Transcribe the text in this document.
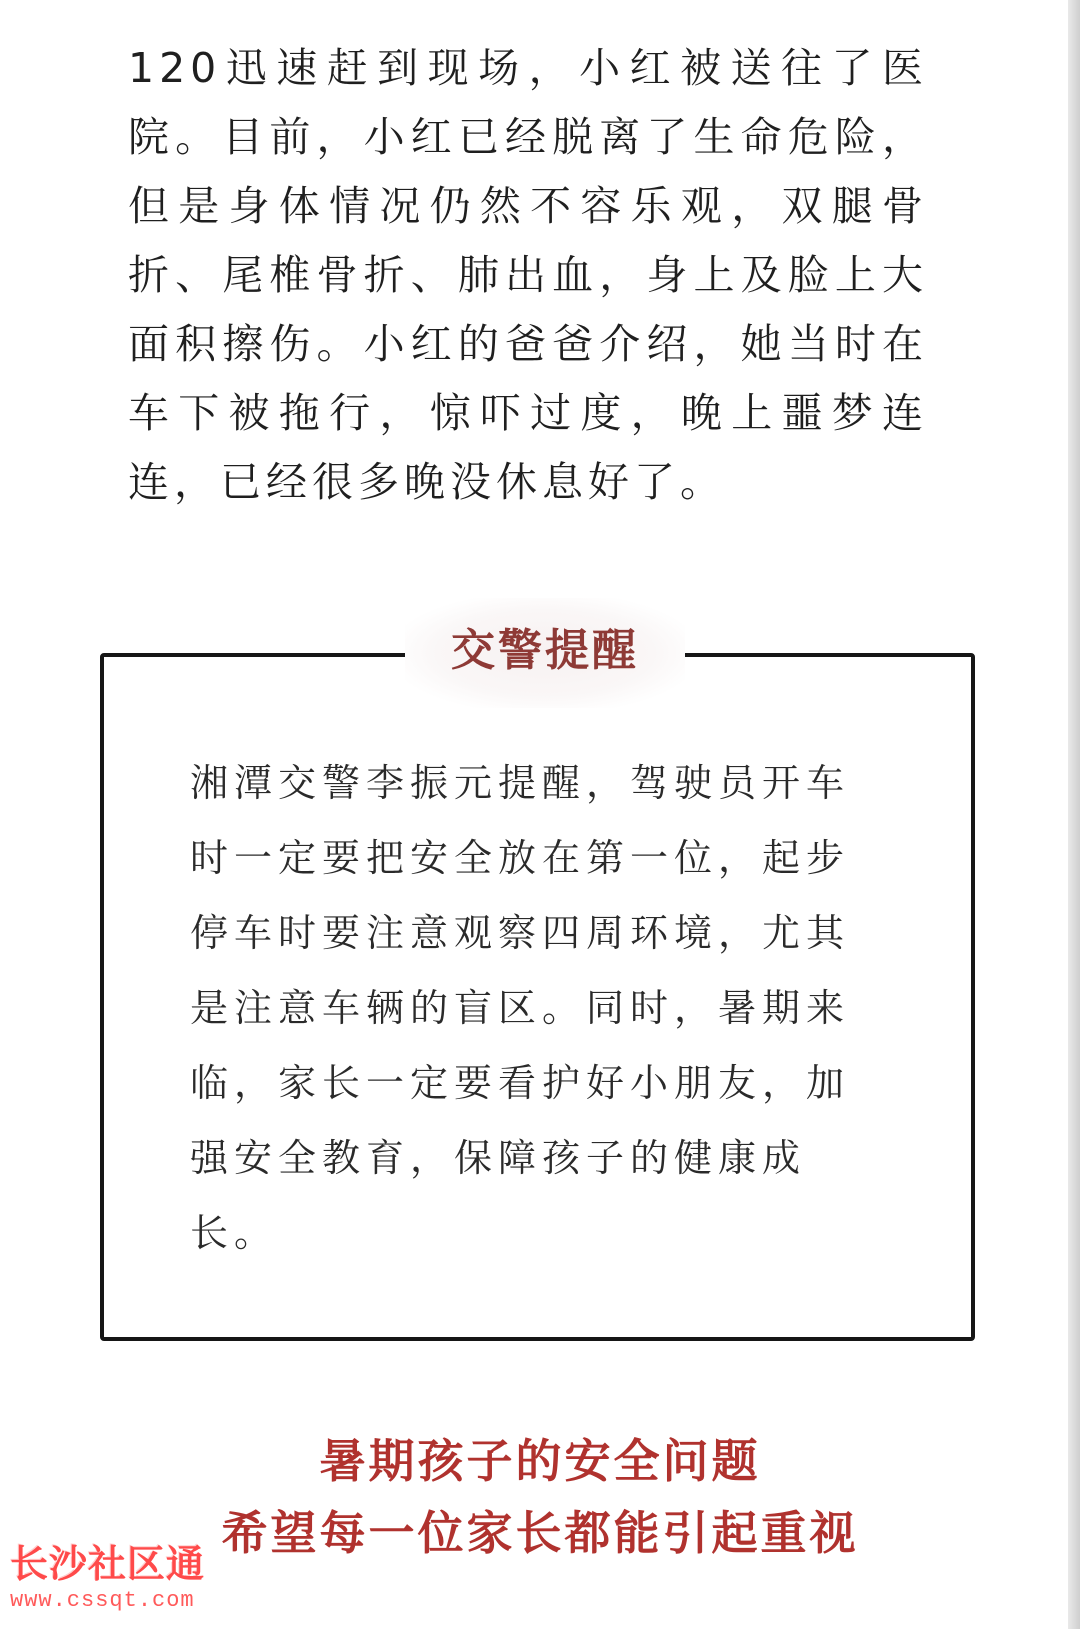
120迅速赶到现场，小红被送往了医院。目前，小红已经脱离了生命危险，但是身体情况仍然不容乐观，双腿骨折、尾椎骨折、肺出血，身上及脸上大面积擦伤。小红的爸爸介绍，她当时在车下被拖行，惊吓过度，晚上噩梦连连，已经很多晚没休息好了。

交警提醒

湘潭交警李振元提醒，驾驶员开车时一定要把安全放在第一位，起步停车时要注意观察四周环境，尤其是注意车辆的盲区。同时，暑期来临，家长一定要看护好小朋友，加强安全教育，保障孩子的健康成长。

暑期孩子的安全问题
希望每一位家长都能引起重视
长沙社区通
www.cssqt.com
